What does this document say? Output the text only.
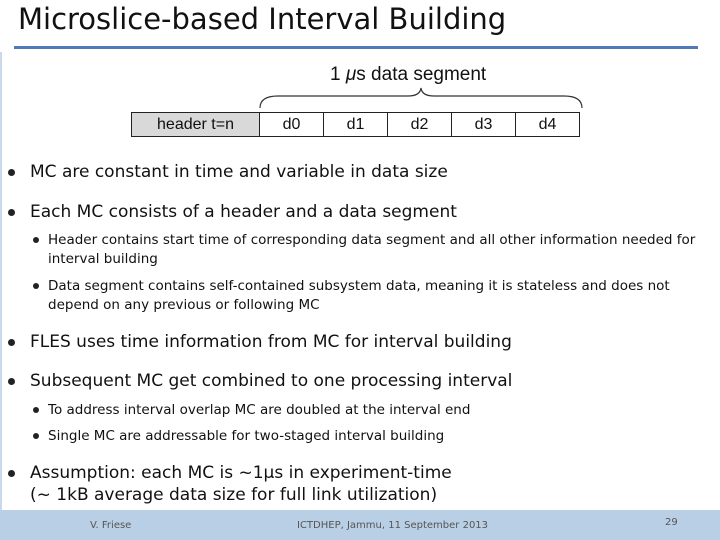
Microslice-based Interval Building
1 μs data segment
header t=n	d0	d1	d2	d3	d4
MC are constant in time and variable in data size
Each MC consists of a header and a data segment
Header contains start time of corresponding data segment and all other information needed for
interval building
Data segment contains self-contained subsystem data, meaning it is stateless and does not
depend on any previous or following MC
FLES uses time information from MC for interval building
Subsequent MC get combined to one processing interval
To address interval overlap MC are doubled at the interval end
Single MC are addressable for two-staged interval building
Assumption: each MC is ~1μs in experiment-time
(~ 1kB average data size for full link utilization)
V. Friese	ICTDHEP, Jammu, 11 September 2013	29
